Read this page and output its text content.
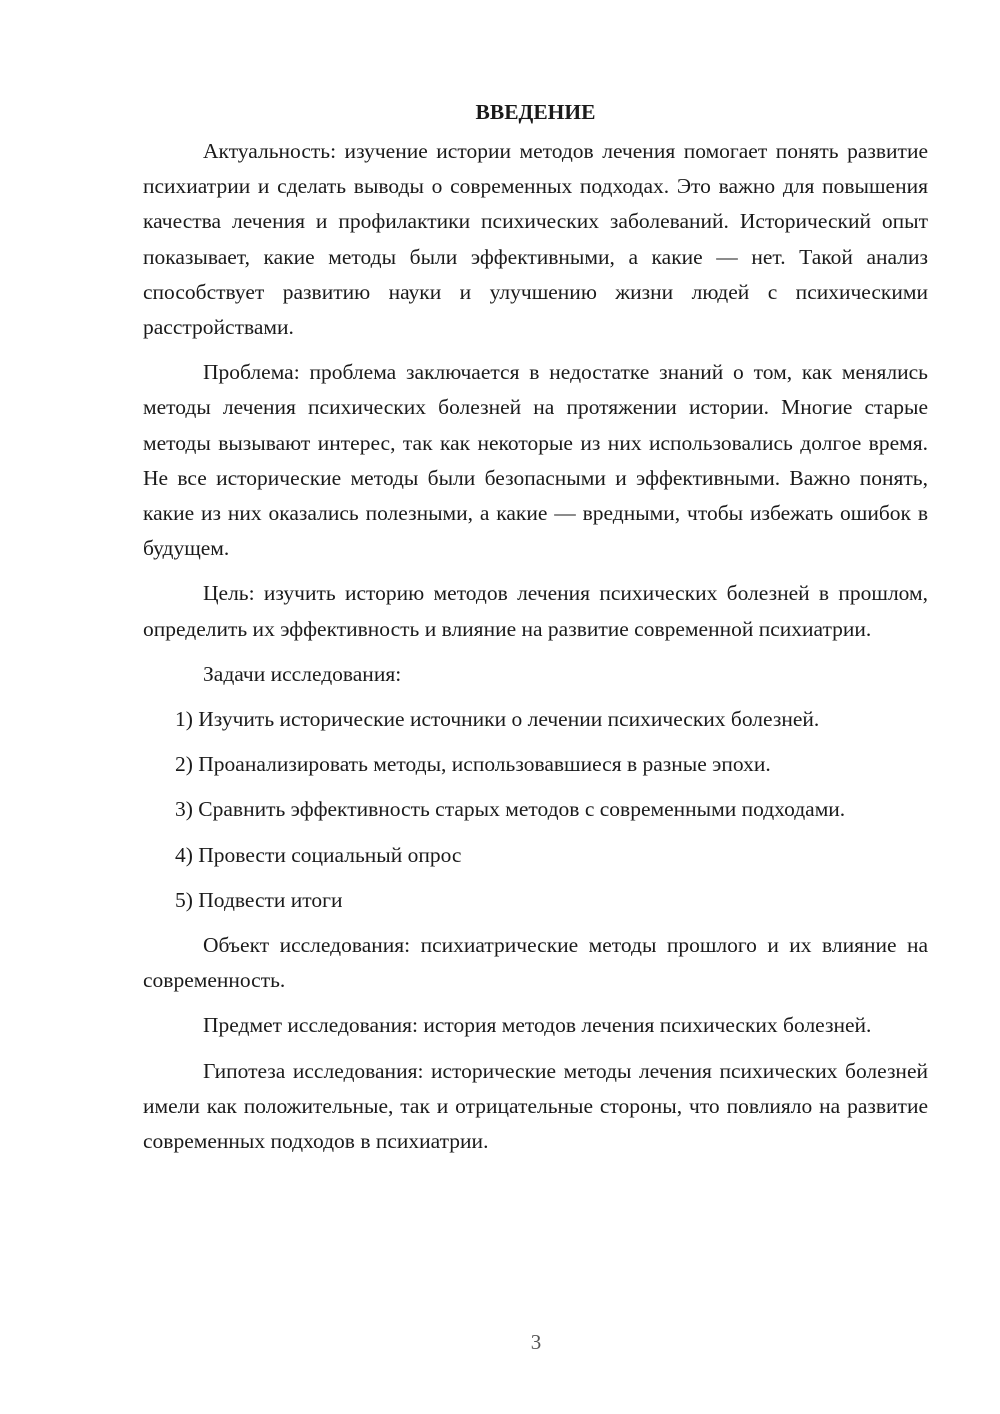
ВВЕДЕНИЕ

Актуальность: изучение истории методов лечения помогает понять развитие психиатрии и сделать выводы о современных подходах. Это важно для повышения качества лечения и профилактики психических заболеваний. Исторический опыт показывает, какие методы были эффективными, а какие — нет. Такой анализ способствует развитию науки и улучшению жизни людей с психическими расстройствами.

Проблема: проблема заключается в недостатке знаний о том, как менялись методы лечения психических болезней на протяжении истории. Многие старые методы вызывают интерес, так как некоторые из них использовались долгое время. Не все исторические методы были безопасными и эффективными. Важно понять, какие из них оказались полезными, а какие — вредными, чтобы избежать ошибок в будущем.

Цель: изучить историю методов лечения психических болезней в прошлом, определить их эффективность и влияние на развитие современной психиатрии.

Задачи исследования:

1) Изучить исторические источники о лечении психических болезней.

2) Проанализировать методы, использовавшиеся в разные эпохи.

3) Сравнить эффективность старых методов с современными подходами.

4) Провести социальный опрос

5) Подвести итоги

Объект исследования: психиатрические методы прошлого и их влияние на современность.

Предмет исследования: история методов лечения психических болезней.

Гипотеза исследования: исторические методы лечения психических болезней имели как положительные, так и отрицательные стороны, что повлияло на развитие современных подходов в психиатрии.

3
